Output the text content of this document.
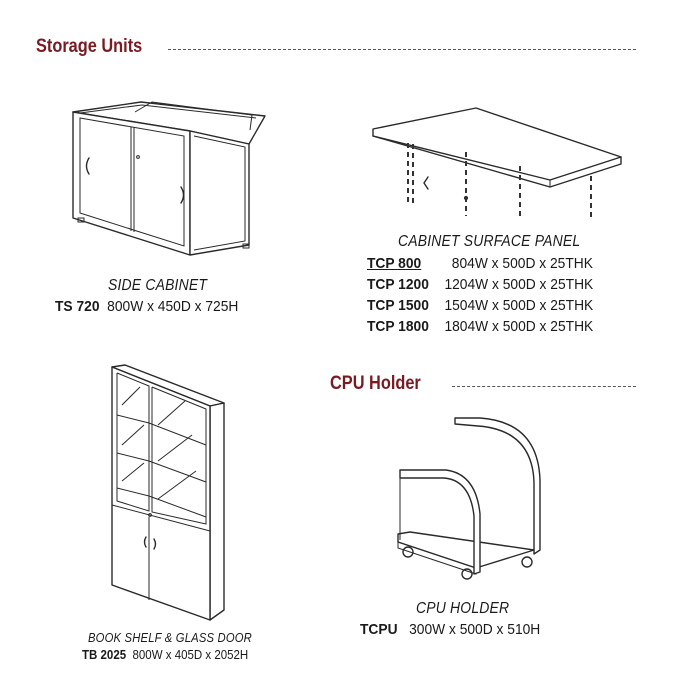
Storage Units
SIDE CABINET
TS 720 800W x 450D x 725H
CABINET SURFACE PANEL
TCP 800 804W x 500D x 25THK
TCP 1200 1204W x 500D x 25THK
TCP 1500 1504W x 500D x 25THK
TCP 1800 1804W x 500D x 25THK
CPU Holder
BOOK SHELF & GLASS DOOR
TB 2025 800W x 405D x 2052H
CPU HOLDER
TCPU 300W x 500D x 510H
